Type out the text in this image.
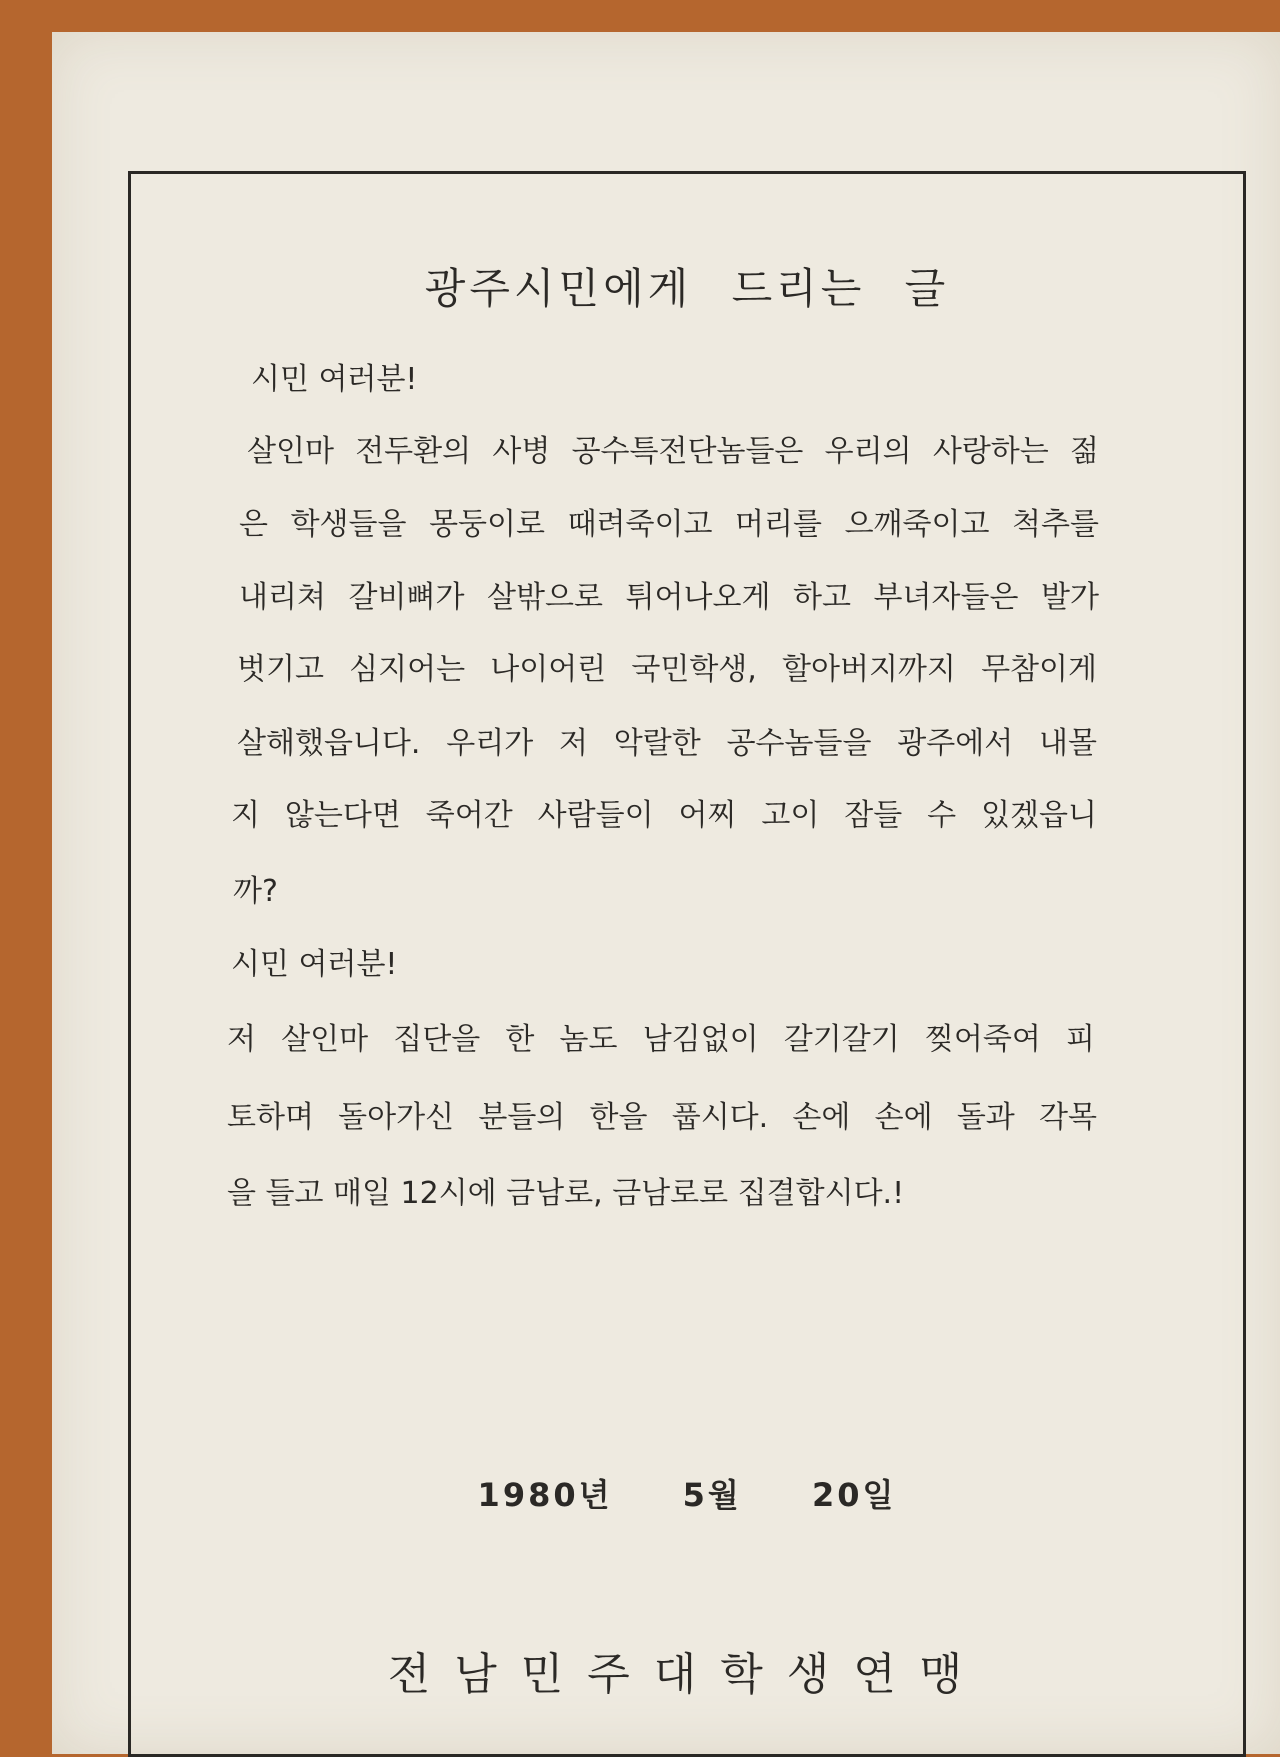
광주시민에게 드리는 글

시민 여러분!

살인마 전두환의 사병 공수특전단놈들은 우리의 사랑하는 젊

은 학생들을 몽둥이로 때려죽이고 머리를 으깨죽이고 척추를

내리쳐 갈비뼈가 살밖으로 튀어나오게 하고 부녀자들은 발가

벗기고 심지어는 나이어린 국민학생, 할아버지까지 무참이게

살해했읍니다. 우리가 저 악랄한 공수놈들을 광주에서 내몰

지 않는다면 죽어간 사람들이 어찌 고이 잠들 수 있겠읍니

까?

시민 여러분!

저 살인마 집단을 한 놈도 남김없이 갈기갈기 찢어죽여 피

토하며 돌아가신 분들의 한을 풉시다. 손에 손에 돌과 각목

을 들고 매일 12시에 금남로, 금남로로 집결합시다.!

1980년 5월 20일
전남민주대학생연맹
